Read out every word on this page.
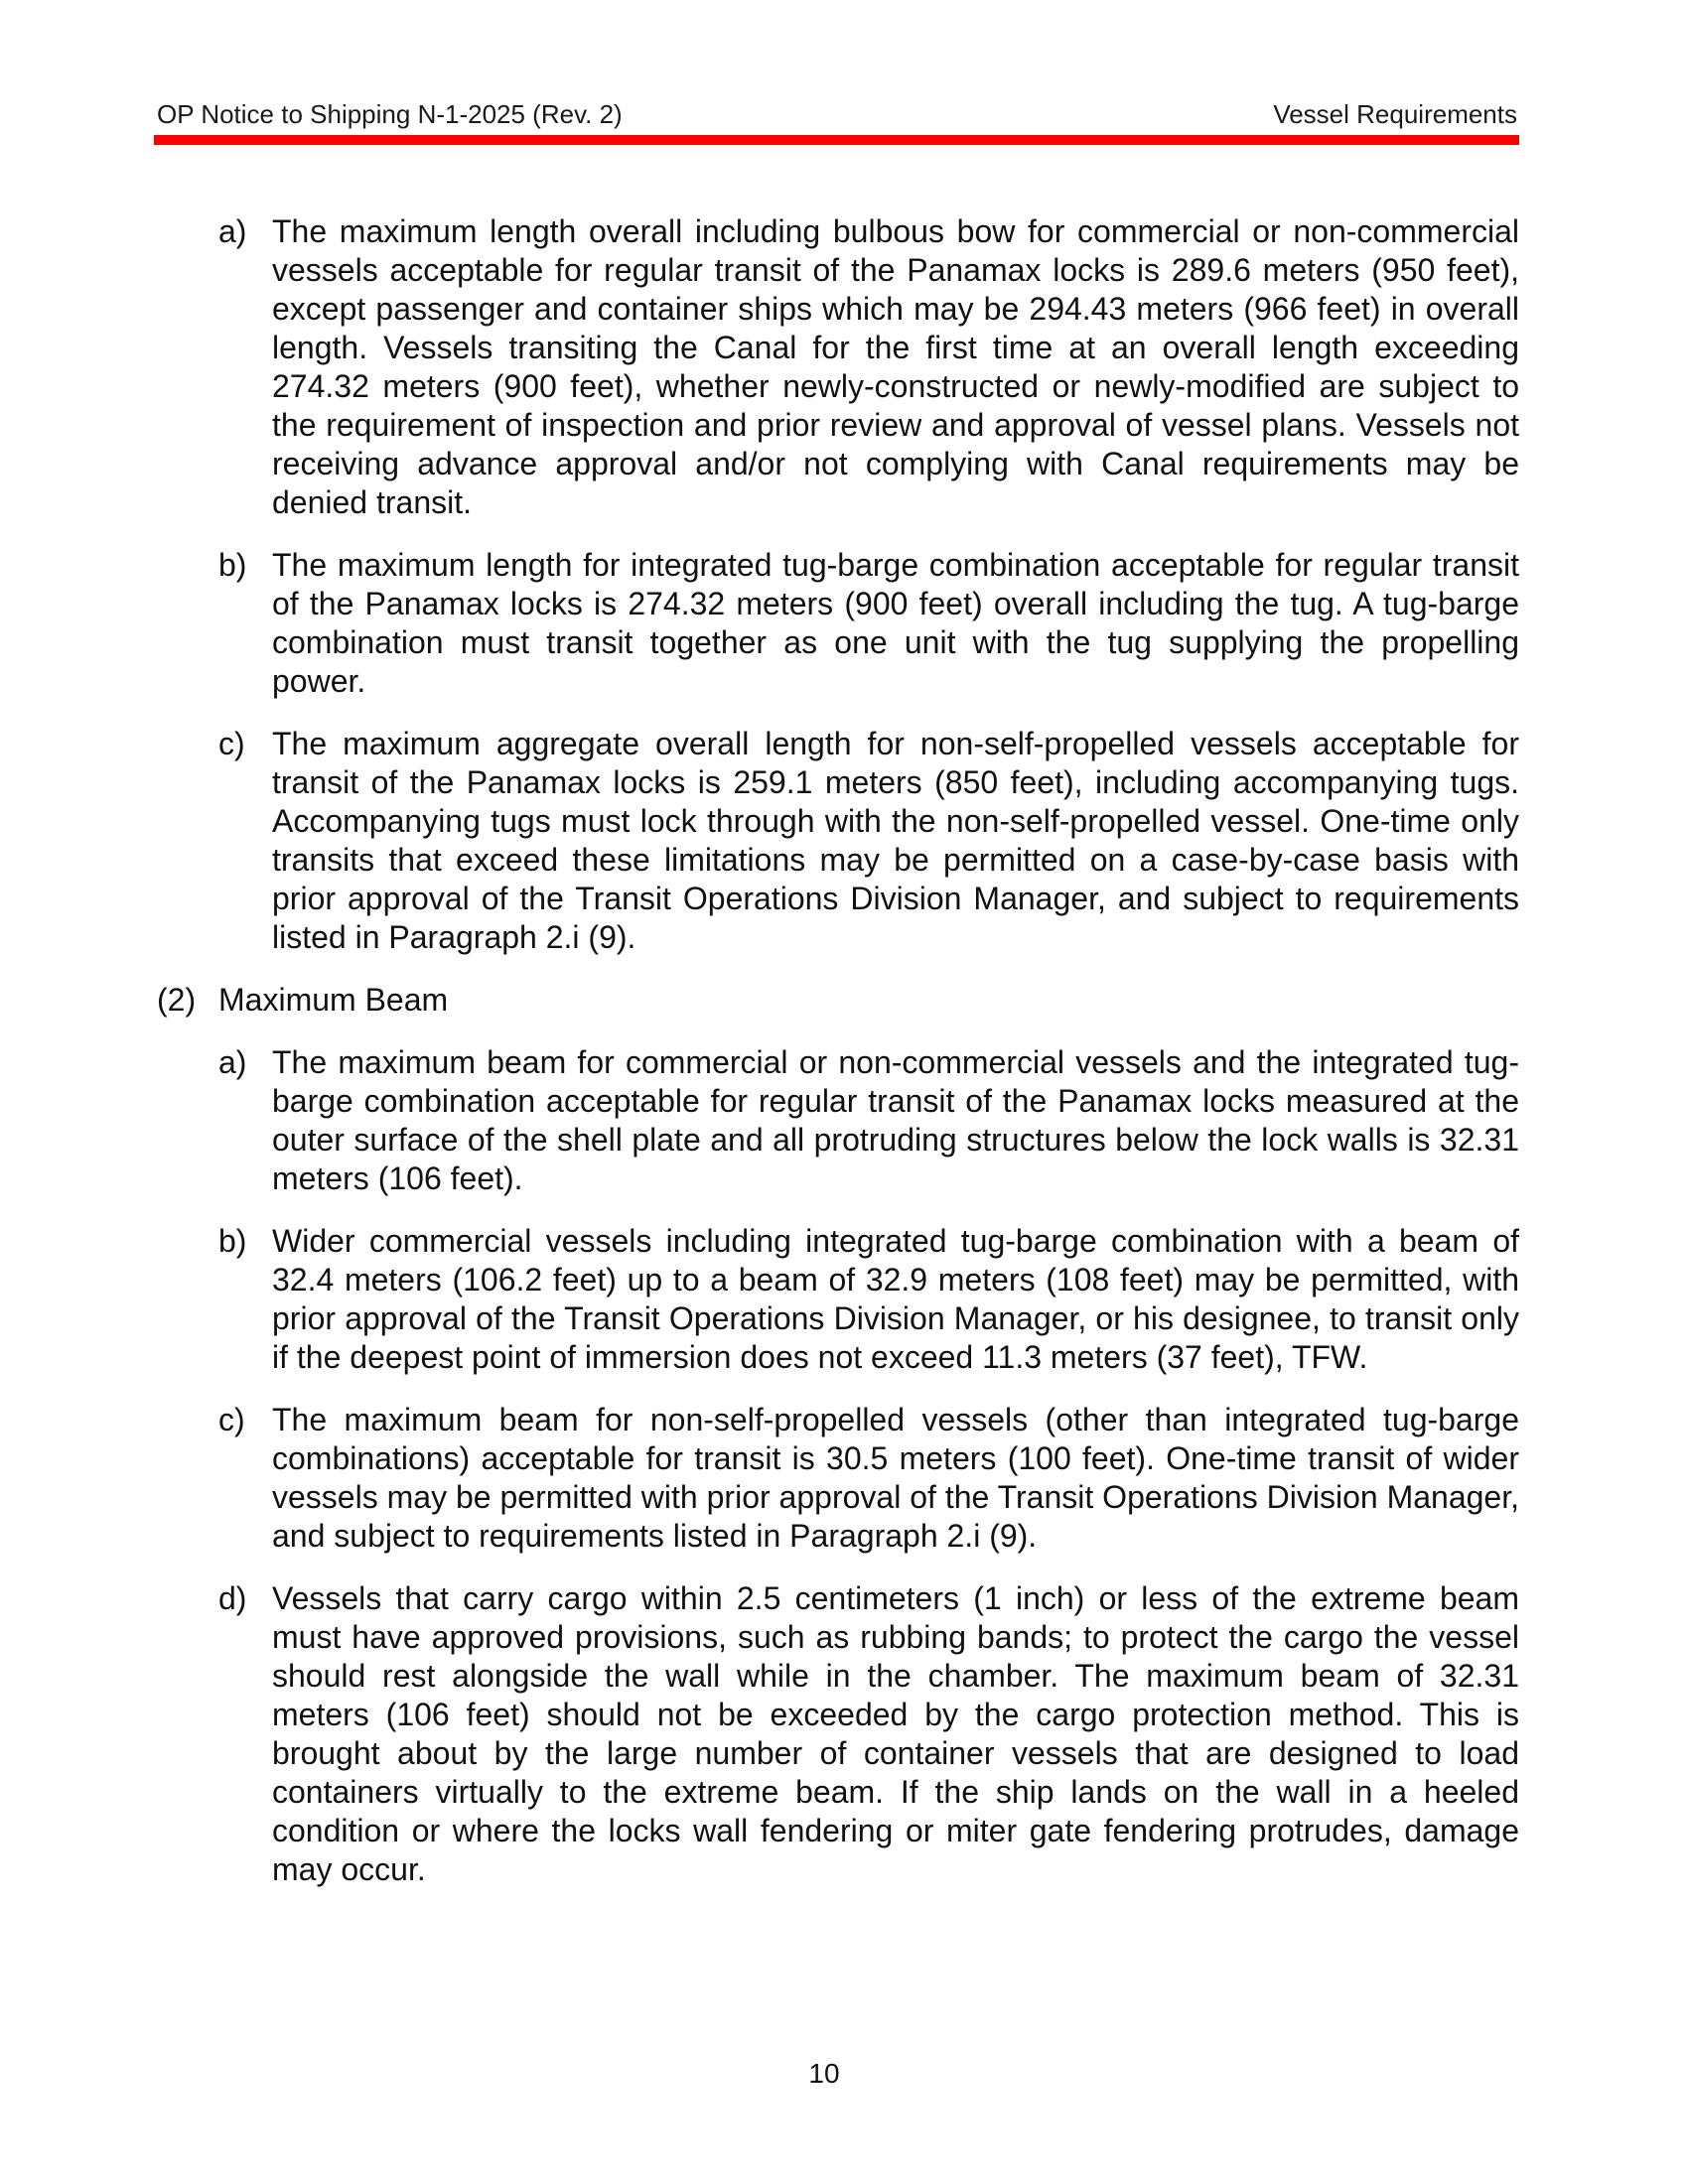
OP Notice to Shipping N-1-2025 (Rev. 2)	Vessel Requirements
a) The maximum length overall including bulbous bow for commercial or non-commercial vessels acceptable for regular transit of the Panamax locks is 289.6 meters (950 feet), except passenger and container ships which may be 294.43 meters (966 feet) in overall length. Vessels transiting the Canal for the first time at an overall length exceeding 274.32 meters (900 feet), whether newly-constructed or newly-modified are subject to the requirement of inspection and prior review and approval of vessel plans. Vessels not receiving advance approval and/or not complying with Canal requirements may be denied transit.
b) The maximum length for integrated tug-barge combination acceptable for regular transit of the Panamax locks is 274.32 meters (900 feet) overall including the tug. A tug-barge combination must transit together as one unit with the tug supplying the propelling power.
c) The maximum aggregate overall length for non-self-propelled vessels acceptable for transit of the Panamax locks is 259.1 meters (850 feet), including accompanying tugs. Accompanying tugs must lock through with the non-self-propelled vessel. One-time only transits that exceed these limitations may be permitted on a case-by-case basis with prior approval of the Transit Operations Division Manager, and subject to requirements listed in Paragraph 2.i (9).
(2) Maximum Beam
a) The maximum beam for commercial or non-commercial vessels and the integrated tug-barge combination acceptable for regular transit of the Panamax locks measured at the outer surface of the shell plate and all protruding structures below the lock walls is 32.31 meters (106 feet).
b) Wider commercial vessels including integrated tug-barge combination with a beam of 32.4 meters (106.2 feet) up to a beam of 32.9 meters (108 feet) may be permitted, with prior approval of the Transit Operations Division Manager, or his designee, to transit only if the deepest point of immersion does not exceed 11.3 meters (37 feet), TFW.
c) The maximum beam for non-self-propelled vessels (other than integrated tug-barge combinations) acceptable for transit is 30.5 meters (100 feet). One-time transit of wider vessels may be permitted with prior approval of the Transit Operations Division Manager, and subject to requirements listed in Paragraph 2.i (9).
d) Vessels that carry cargo within 2.5 centimeters (1 inch) or less of the extreme beam must have approved provisions, such as rubbing bands; to protect the cargo the vessel should rest alongside the wall while in the chamber. The maximum beam of 32.31 meters (106 feet) should not be exceeded by the cargo protection method. This is brought about by the large number of container vessels that are designed to load containers virtually to the extreme beam. If the ship lands on the wall in a heeled condition or where the locks wall fendering or miter gate fendering protrudes, damage may occur.
10
